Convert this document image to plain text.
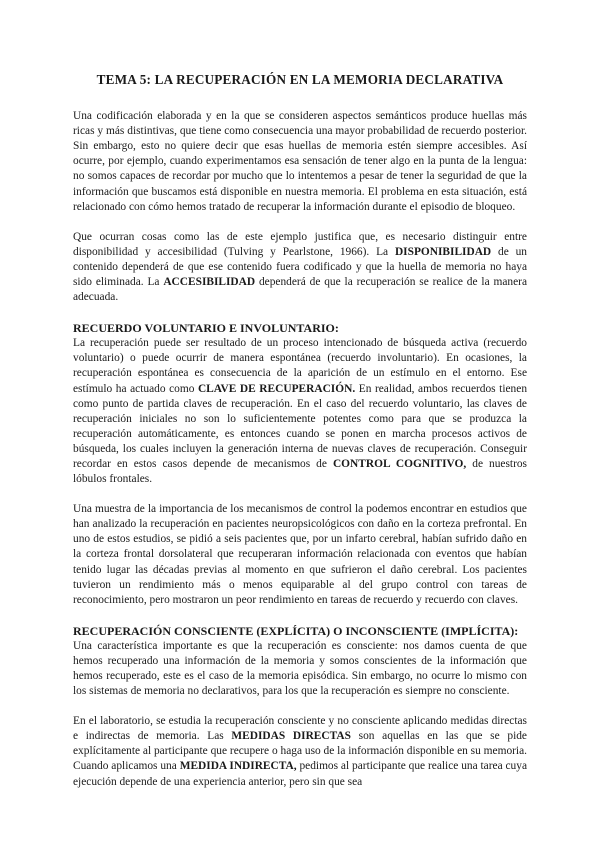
TEMA 5: LA RECUPERACIÓN EN LA MEMORIA DECLARATIVA

Una codificación elaborada y en la que se consideren aspectos semánticos produce huellas más ricas y más distintivas, que tiene como consecuencia una mayor probabilidad de recuerdo posterior. Sin embargo, esto no quiere decir que esas huellas de memoria estén siempre accesibles. Así ocurre, por ejemplo, cuando experimentamos esa sensación de tener algo en la punta de la lengua: no somos capaces de recordar por mucho que lo intentemos a pesar de tener la seguridad de que la información que buscamos está disponible en nuestra memoria. El problema en esta situación, está relacionado con cómo hemos tratado de recuperar la información durante el episodio de bloqueo.

Que ocurran cosas como las de este ejemplo justifica que, es necesario distinguir entre disponibilidad y accesibilidad (Tulving y Pearlstone, 1966). La DISPONIBILIDAD de un contenido dependerá de que ese contenido fuera codificado y que la huella de memoria no haya sido eliminada. La ACCESIBILIDAD dependerá de que la recuperación se realice de la manera adecuada.

RECUERDO VOLUNTARIO E INVOLUNTARIO:

La recuperación puede ser resultado de un proceso intencionado de búsqueda activa (recuerdo voluntario) o puede ocurrir de manera espontánea (recuerdo involuntario). En ocasiones, la recuperación espontánea es consecuencia de la aparición de un estímulo en el entorno. Ese estímulo ha actuado como CLAVE DE RECUPERACIÓN. En realidad, ambos recuerdos tienen como punto de partida claves de recuperación. En el caso del recuerdo voluntario, las claves de recuperación iniciales no son lo suficientemente potentes como para que se produzca la recuperación automáticamente, es entonces cuando se ponen en marcha procesos activos de búsqueda, los cuales incluyen la generación interna de nuevas claves de recuperación. Conseguir recordar en estos casos depende de mecanismos de CONTROL COGNITIVO, de nuestros lóbulos frontales.

Una muestra de la importancia de los mecanismos de control la podemos encontrar en estudios que han analizado la recuperación en pacientes neuropsicológicos con daño en la corteza prefrontal. En uno de estos estudios, se pidió a seis pacientes que, por un infarto cerebral, habían sufrido daño en la corteza frontal dorsolateral que recuperaran información relacionada con eventos que habían tenido lugar las décadas previas al momento en que sufrieron el daño cerebral. Los pacientes tuvieron un rendimiento más o menos equiparable al del grupo control con tareas de reconocimiento, pero mostraron un peor rendimiento en tareas de recuerdo y recuerdo con claves.

RECUPERACIÓN CONSCIENTE (EXPLÍCITA) O INCONSCIENTE (IMPLÍCITA):

Una característica importante es que la recuperación es consciente: nos damos cuenta de que hemos recuperado una información de la memoria y somos conscientes de la información que hemos recuperado, este es el caso de la memoria episódica. Sin embargo, no ocurre lo mismo con los sistemas de memoria no declarativos, para los que la recuperación es siempre no consciente.

En el laboratorio, se estudia la recuperación consciente y no consciente aplicando medidas directas e indirectas de memoria. Las MEDIDAS DIRECTAS son aquellas en las que se pide explícitamente al participante que recupere o haga uso de la información disponible en su memoria. Cuando aplicamos una MEDIDA INDIRECTA, pedimos al participante que realice una tarea cuya ejecución depende de una experiencia anterior, pero sin que sea
